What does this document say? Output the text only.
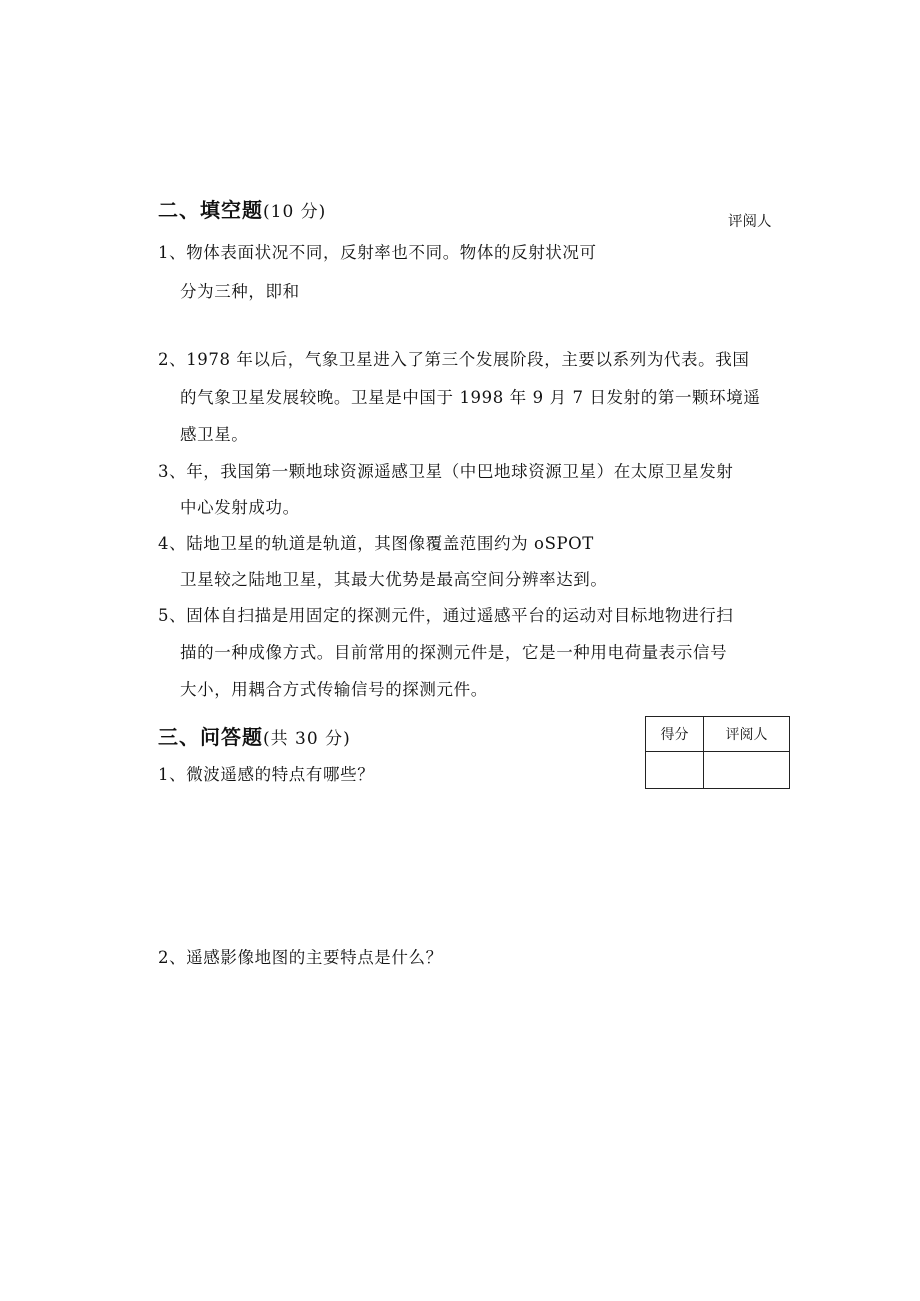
二、填空题(10 分)	评阅人
1、物体表面状况不同，反射率也不同。物体的反射状况可
分为三种，即和
2、1978 年以后，气象卫星进入了第三个发展阶段，主要以系列为代表。我国
的气象卫星发展较晚。卫星是中国于 1998 年 9 月 7 日发射的第一颗环境遥
感卫星。
3、年，我国第一颗地球资源遥感卫星（中巴地球资源卫星）在太原卫星发射
中心发射成功。
4、陆地卫星的轨道是轨道，其图像覆盖范围约为 oSPOT
卫星较之陆地卫星，其最大优势是最高空间分辨率达到。
5、固体自扫描是用固定的探测元件，通过遥感平台的运动对目标地物进行扫
描的一种成像方式。目前常用的探测元件是，它是一种用电荷量表示信号
大小，用耦合方式传输信号的探测元件。
三、问答题(共 30 分)	得分	评阅人

1、微波遥感的特点有哪些？
2、遥感影像地图的主要特点是什么？
